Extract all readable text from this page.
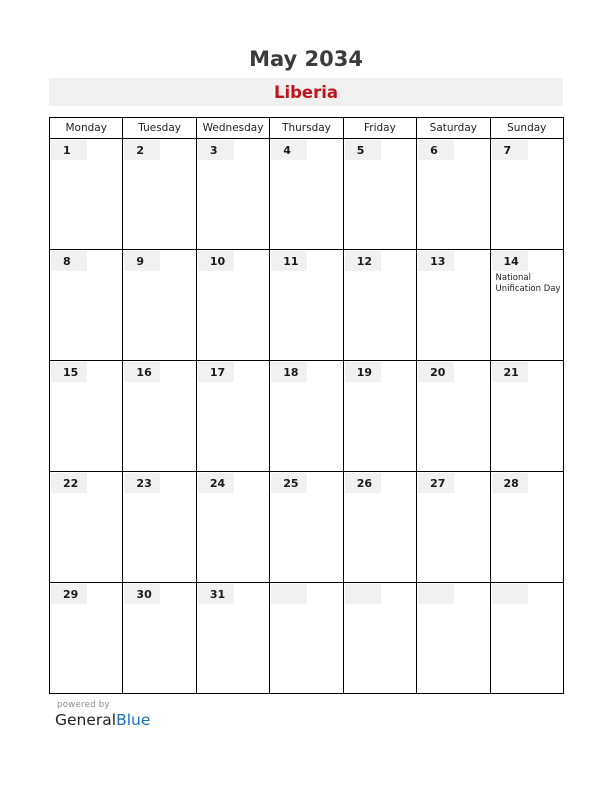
May 2034
Liberia
Monday	Tuesday	Wednesday	Thursday	Friday	Saturday	Sunday

1	2	3	4	5	6	7

8	9	10	11	12	13	14
National
Unification Day

15	16	17	18	19	20	21

22	23	24	25	26	27	28

29	30	31				

powered by
GeneralBlue
